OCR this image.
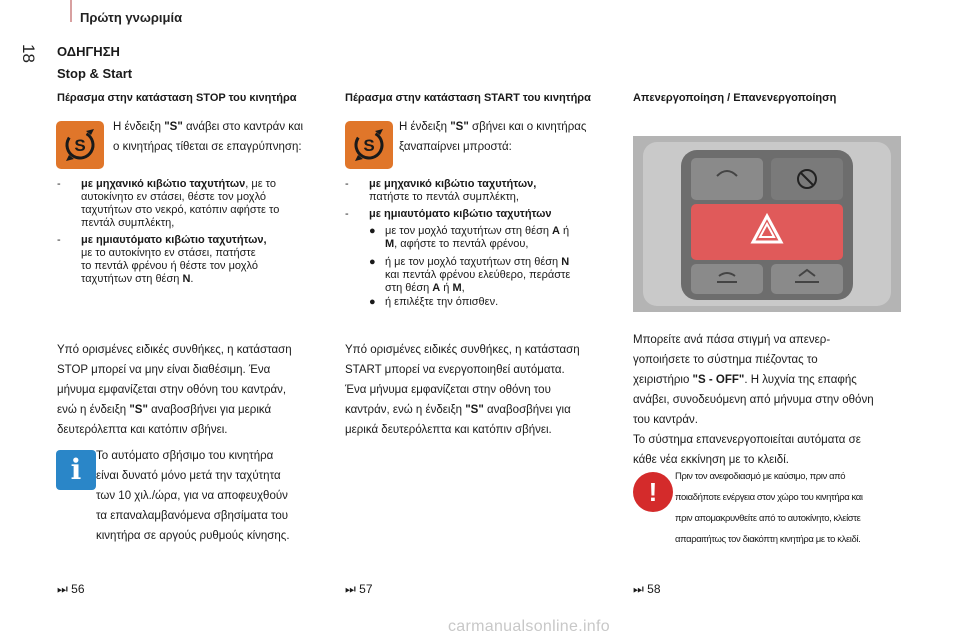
Πρώτη γνωριμία
18 ΟΔΗΓΗΣΗ
Stop & Start
Πέρασμα στην κατάσταση STOP του κινητήρα
S
Η ένδειξη "S" ανάβει στο καντράν και
ο κινητήρας τίθεται σε επαγρύπνηση:
- με μηχανικό κιβώτιο ταχυτήτων, με το
αυτοκίνητο εν στάσει, θέστε τον μοχλό
ταχυτήτων στο νεκρό, κατόπιν αφήστε το
πεντάλ συμπλέκτη,
- με ημιαυτόματο κιβώτιο ταχυτήτων,
με το αυτοκίνητο εν στάσει, πατήστε
το πεντάλ φρένου ή θέστε τον μοχλό
ταχυτήτων στη θέση N.
Υπό ορισμένες ειδικές συνθήκες, η κατάσταση
STOP μπορεί να μην είναι διαθέσιμη. Ένα
μήνυμα εμφανίζεται στην οθόνη του καντράν,
ενώ η ένδειξη "S" αναβοσβήνει για μερικά
δευτερόλεπτα και κατόπιν σβήνει.
i	Το αυτόματο σβήσιμο του κινητήρα
είναι δυνατό μόνο μετά την ταχύτητα
των 10 χιλ./ώρα, για να αποφευχθούν
τα επαναλαμβανόμενα σβησίματα του
κινητήρα σε αργούς ρυθμούς κίνησης.
⏭ 56
Πέρασμα στην κατάσταση START του κινητήρα
S
Η ένδειξη "S" σβήνει και ο κινητήρας
ξαναπαίρνει μπροστά:
- με μηχανικό κιβώτιο ταχυτήτων,
πατήστε το πεντάλ συμπλέκτη,
- με ημιαυτόματο κιβώτιο ταχυτήτων
● με τον μοχλό ταχυτήτων στη θέση A ή
M, αφήστε το πεντάλ φρένου,
● ή με τον μοχλό ταχυτήτων στη θέση N
και πεντάλ φρένου ελεύθερο, περάστε
στη θέση A ή M,
● ή επιλέξτε την όπισθεν.
Υπό ορισμένες ειδικές συνθήκες, η κατάσταση
START μπορεί να ενεργοποιηθεί αυτόματα.
Ένα μήνυμα εμφανίζεται στην οθόνη του
καντράν, ενώ η ένδειξη "S" αναβοσβήνει για
μερικά δευτερόλεπτα και κατόπιν σβήνει.
⏭ 57
Απενεργοποίηση / Επανενεργοποίηση
Μπορείτε ανά πάσα στιγμή να απενερ-
γοποιήσετε το σύστημα πιέζοντας το
χειριστήριο "S - OFF". Η λυχνία της επαφής
ανάβει, συνοδευόμενη από μήνυμα στην οθόνη
του καντράν.
Το σύστημα επανενεργοποιείται αυτόματα σε
κάθε νέα εκκίνηση με το κλειδί.
!
Πριν τον ανεφοδιασμό με καύσιμο, πριν από
ποιαδήποτε ενέργεια στον χώρο του κινητήρα και
πριν απομακρυνθείτε από το αυτοκίνητο, κλείστε
απαραιτήτως τον διακόπτη κινητήρα με το κλειδί.
⏭ 58
carmanualsonline.info
